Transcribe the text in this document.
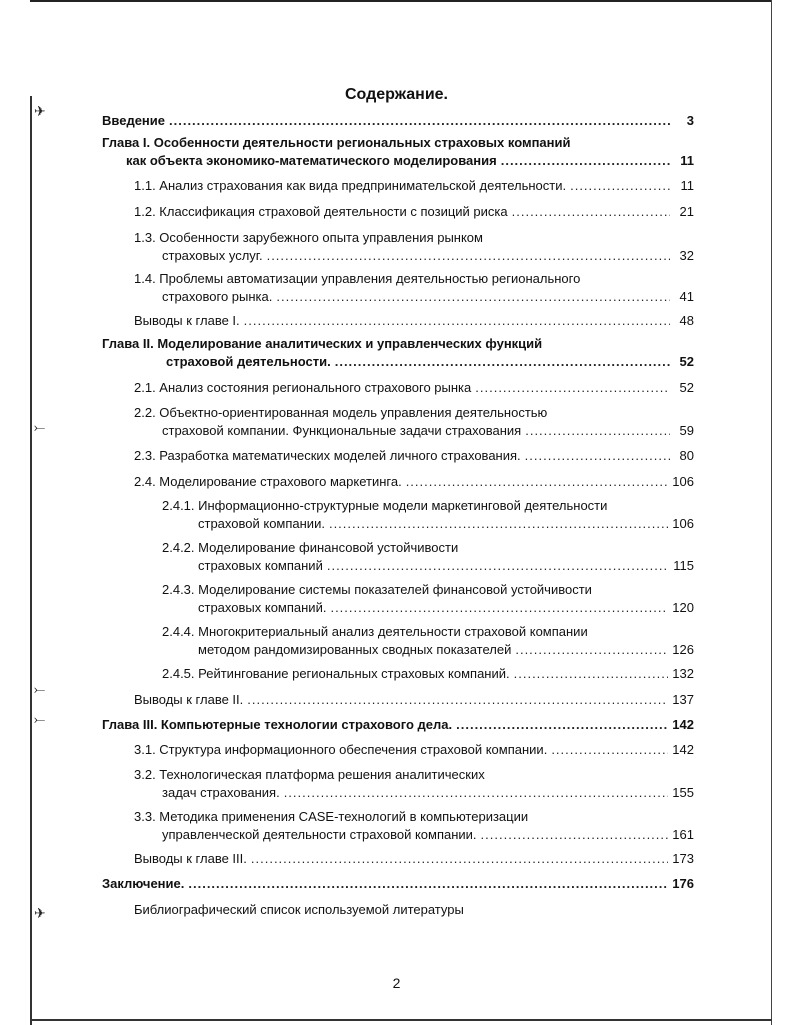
✈
⤚
⤚
⤚
✈
Содержание.
Введение .....	3
Глава I. Особенности деятельности региональных страховых компаний
как объекта экономико-математического моделирования .....	11
1.1. Анализ страхования как вида предпринимательской деятельности. .....	11
1.2. Классификация страховой деятельности с позиций риска .....	21
1.3. Особенности зарубежного опыта управления рынком
страховых услуг. .....	32
1.4. Проблемы автоматизации управления деятельностью регионального
страхового рынка. .....	41
Выводы к главе I. .....	48
Глава II. Моделирование аналитических и управленческих функций
страховой деятельности. .....	52
2.1. Анализ состояния регионального страхового рынка .....	52
2.2. Объектно-ориентированная модель управления деятельностью
страховой компании. Функциональные задачи страхования .....	59
2.3. Разработка математических моделей личного страхования. .....	80
2.4. Моделирование страхового маркетинга. .....	106
2.4.1. Информационно-структурные модели маркетинговой деятельности
страховой компании. .....	106
2.4.2. Моделирование финансовой устойчивости
страховых компаний .....	115
2.4.3. Моделирование системы показателей финансовой устойчивости
страховых компаний. .....	120
2.4.4. Многокритериальный анализ деятельности страховой компании
методом рандомизированных сводных показателей .....	126
2.4.5. Рейтингование региональных страховых компаний. .....	132
Выводы к главе II. .....	137
Глава III. Компьютерные технологии страхового дела. .....	142
3.1. Структура информационного обеспечения страховой компании. .....	142
3.2. Технологическая платформа решения аналитических
задач страхования. .....	155
3.3. Методика применения CASE-технологий в компьютеризации
управленческой деятельности страховой компании. .....	161
Выводы к главе III. .....	173
Заключение. .....	176
Библиографический список используемой литературы
2
